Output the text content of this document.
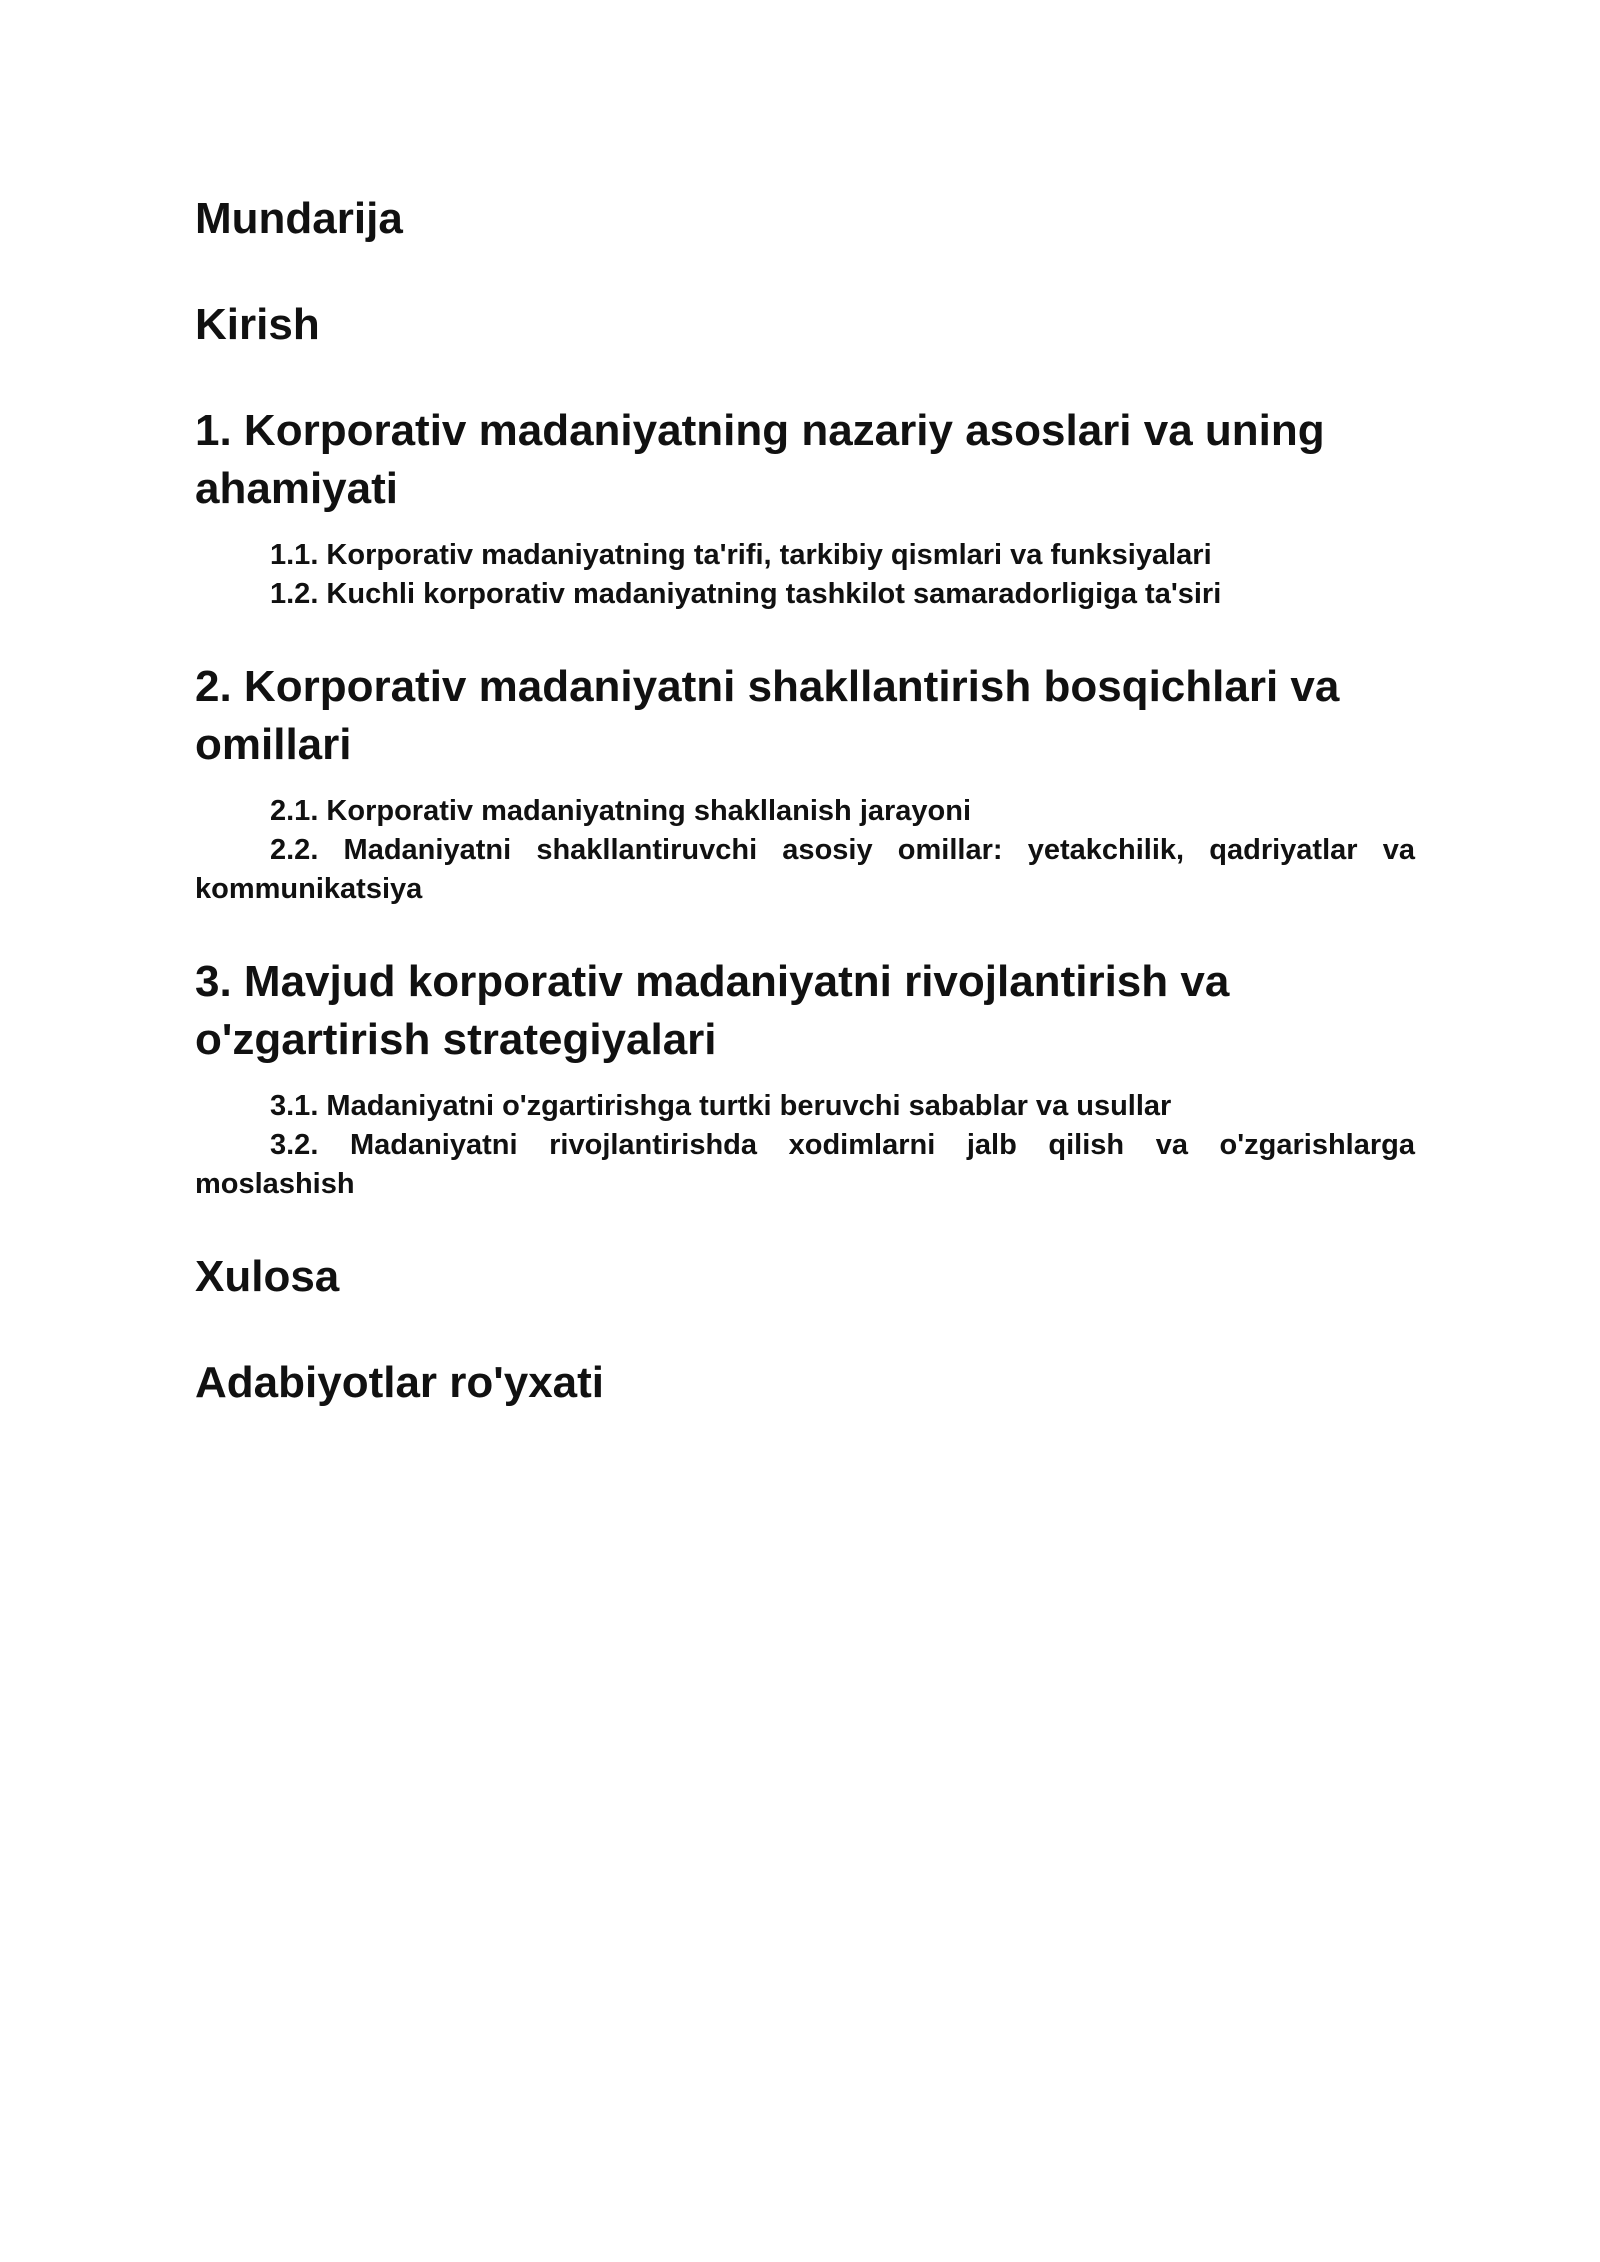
Mundarija
Kirish
1. Korporativ madaniyatning nazariy asoslari va uning ahamiyati
1.1. Korporativ madaniyatning ta'rifi, tarkibiy qismlari va funksiyalari
1.2. Kuchli korporativ madaniyatning tashkilot samaradorligiga ta'siri
2. Korporativ madaniyatni shakllantirish bosqichlari va omillari
2.1. Korporativ madaniyatning shakllanish jarayoni
2.2. Madaniyatni shakllantiruvchi asosiy omillar: yetakchilik, qadriyatlar va kommunikatsiya
3. Mavjud korporativ madaniyatni rivojlantirish va o'zgartirish strategiyalari
3.1. Madaniyatni o'zgartirishga turtki beruvchi sabablar va usullar
3.2. Madaniyatni rivojlantirishda xodimlarni jalb qilish va o'zgarishlarga moslashish
Xulosa
Adabiyotlar ro'yxati
